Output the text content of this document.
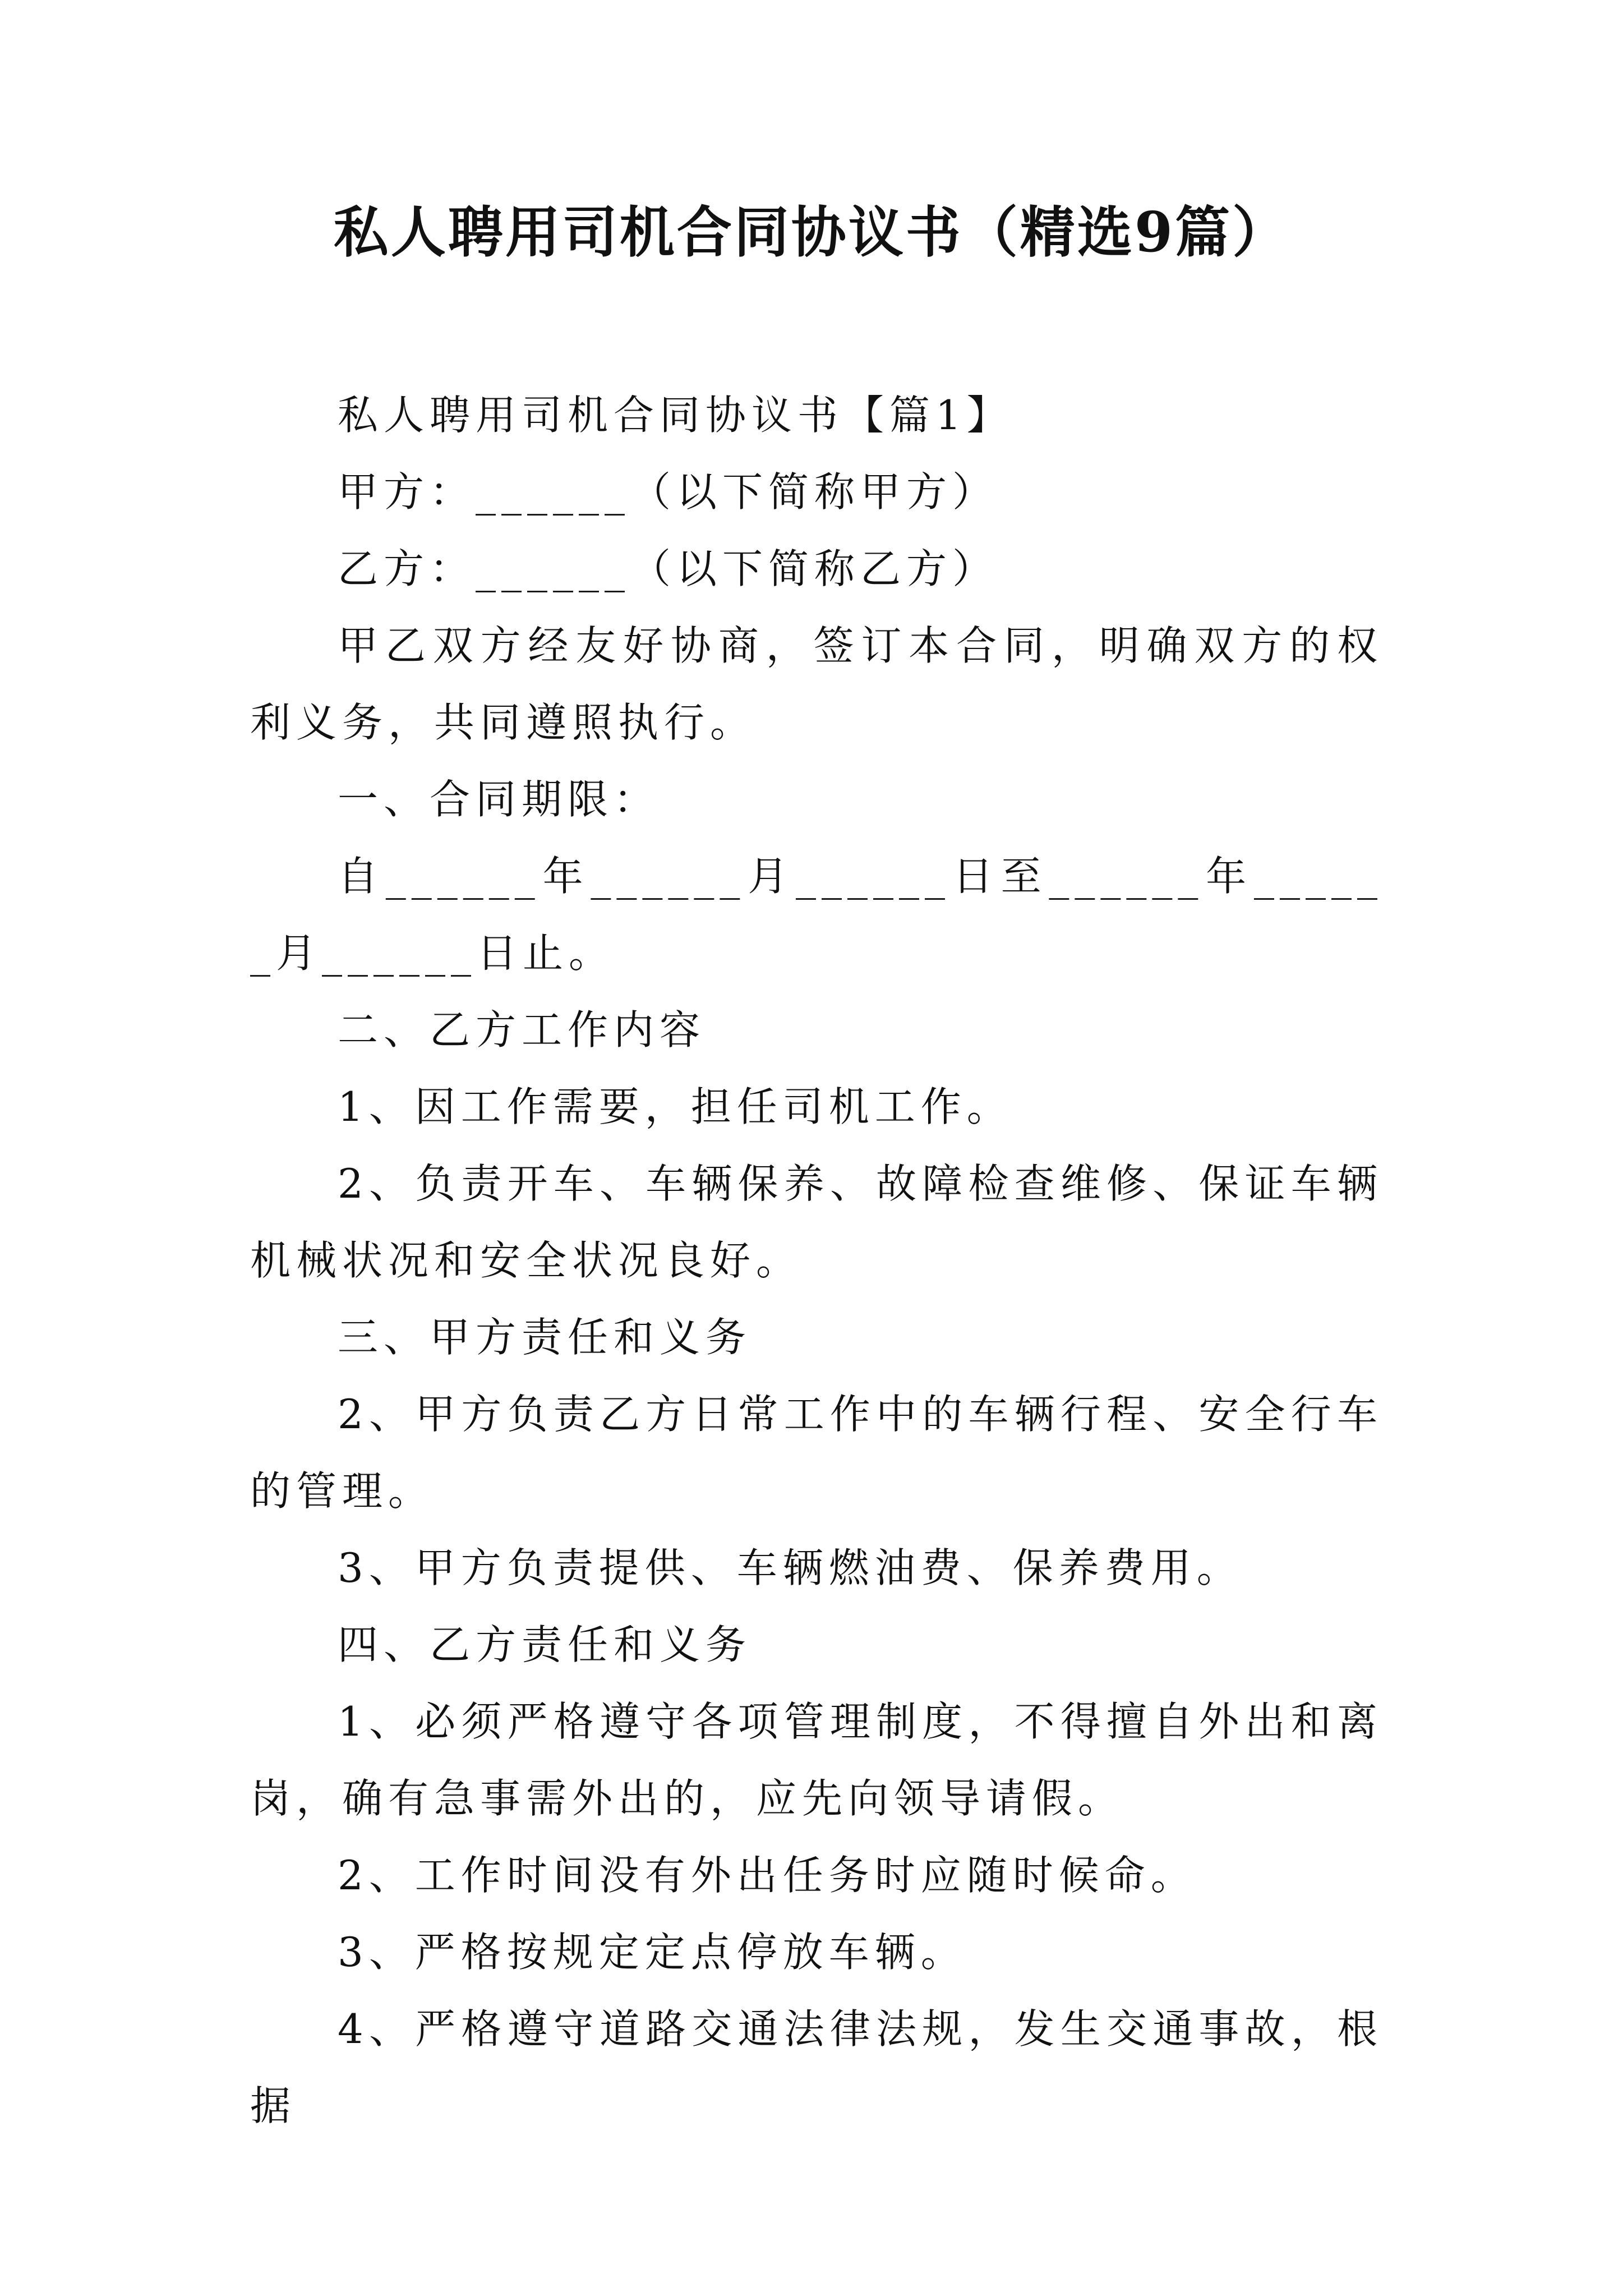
私人聘用司机合同协议书（精选9篇）

私人聘用司机合同协议书【篇1】

甲方：______（以下简称甲方）

乙方：______（以下简称乙方）

甲乙双方经友好协商，签订本合同，明确双方的权利义务，共同遵照执行。

一、合同期限：

自______年______月______日至______年______月______日止。

二、乙方工作内容

1、因工作需要，担任司机工作。

2、负责开车、车辆保养、故障检查维修、保证车辆机械状况和安全状况良好。

三、甲方责任和义务

2、甲方负责乙方日常工作中的车辆行程、安全行车的管理。

3、甲方负责提供、车辆燃油费、保养费用。

四、乙方责任和义务

1、必须严格遵守各项管理制度，不得擅自外出和离岗，确有急事需外出的，应先向领导请假。

2、工作时间没有外出任务时应随时候命。

3、严格按规定定点停放车辆。

4、严格遵守道路交通法律法规，发生交通事故，根据
